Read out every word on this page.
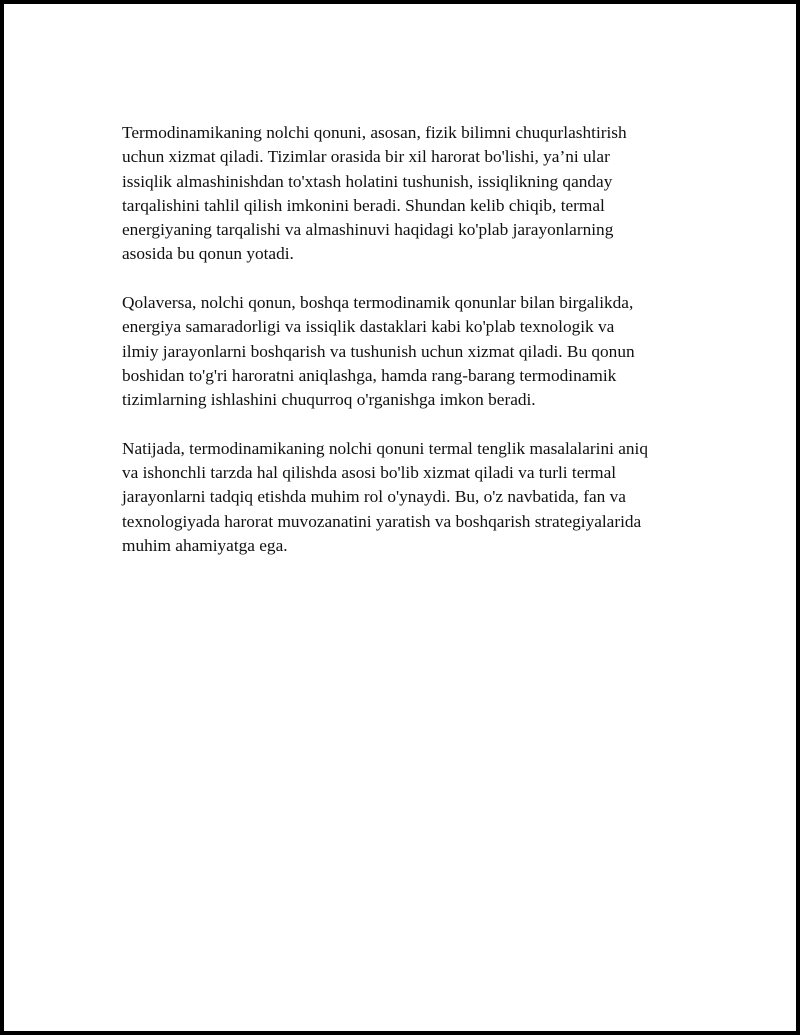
Termodinamikaning nolchi qonuni, asosan, fizik bilimni chuqurlashtirish
uchun xizmat qiladi. Tizimlar orasida bir xil harorat bo'lishi, ya’ni ular
issiqlik almashinishdan to'xtash holatini tushunish, issiqlikning qanday
tarqalishini tahlil qilish imkonini beradi. Shundan kelib chiqib, termal
energiyaning tarqalishi va almashinuvi haqidagi ko'plab jarayonlarning
asosida bu qonun yotadi.

Qolaversa, nolchi qonun, boshqa termodinamik qonunlar bilan birgalikda,
energiya samaradorligi va issiqlik dastaklari kabi ko'plab texnologik va
ilmiy jarayonlarni boshqarish va tushunish uchun xizmat qiladi. Bu qonun
boshidan to'g'ri haroratni aniqlashga, hamda rang-barang termodinamik
tizimlarning ishlashini chuqurroq o'rganishga imkon beradi.

Natijada, termodinamikaning nolchi qonuni termal tenglik masalalarini aniq
va ishonchli tarzda hal qilishda asosi bo'lib xizmat qiladi va turli termal
jarayonlarni tadqiq etishda muhim rol o'ynaydi. Bu, o'z navbatida, fan va
texnologiyada harorat muvozanatini yaratish va boshqarish strategiyalarida
muhim ahamiyatga ega.
